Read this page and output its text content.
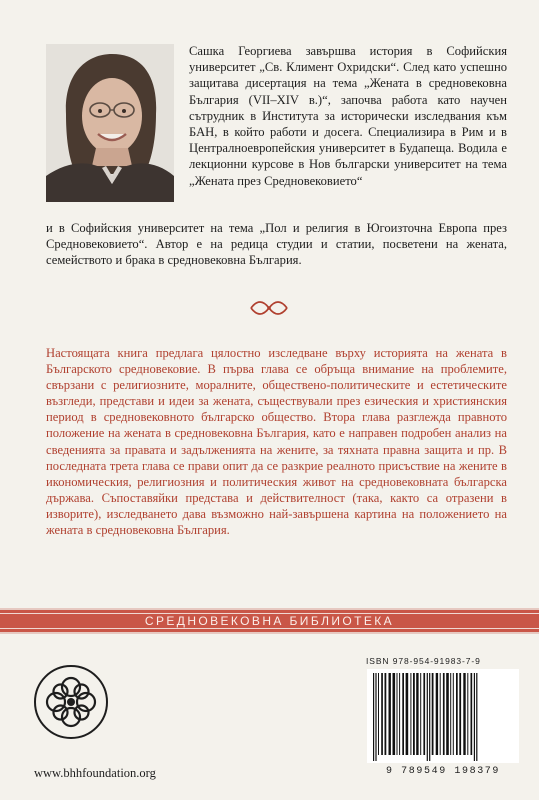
Сашка Георгиева завършва история в Софийския университет „Св. Климент Охридски“. След като успешно защитава дисертация на тема „Жената в средновековна България (VII–XIV в.)“, започва работа като научен сътрудник в Института за исторически изследвания към БАН, в който работи и досега. Специализира в Рим и в Централноевропейския университет в Будапеща. Водила е лекционни курсове в Нов български университет на тема „Жената през Средновековието“
и в Софийския университет на тема „Пол и религия в Югоизточна Европа през Средновековието“. Автор е на редица студии и статии, посветени на жената, семейството и брака в средновековна България.
Настоящата книга предлага цялостно изследване върху историята на жената в Българското средновековие. В първа глава се обръща внимание на проблемите, свързани с религиозните, моралните, обществено-политическите и естетическите възгледи, представи и идеи за жената, съществували през езическия и християнския период в средновековното българско общество. Втора глава разглежда правното положение на жената в средновековна България, като е направен подробен анализ на сведенията за правата и задълженията на жените, за тяхната правна защита и пр. В последната трета глава се прави опит да се разкрие реалното присъствие на жените в икономическия, религиозния и политическия живот на средновековната българска държава. Съпоставяйки представа и действителност (така, както са отразени в изворите), изследването дава възможно най-завършена картина на положението на жената в средновековна България.
СРЕДНОВЕКОВНА БИБЛИОТЕКА
ISBN 978-954-91983-7-9
9 789549 198379
www.bhhfoundation.org
